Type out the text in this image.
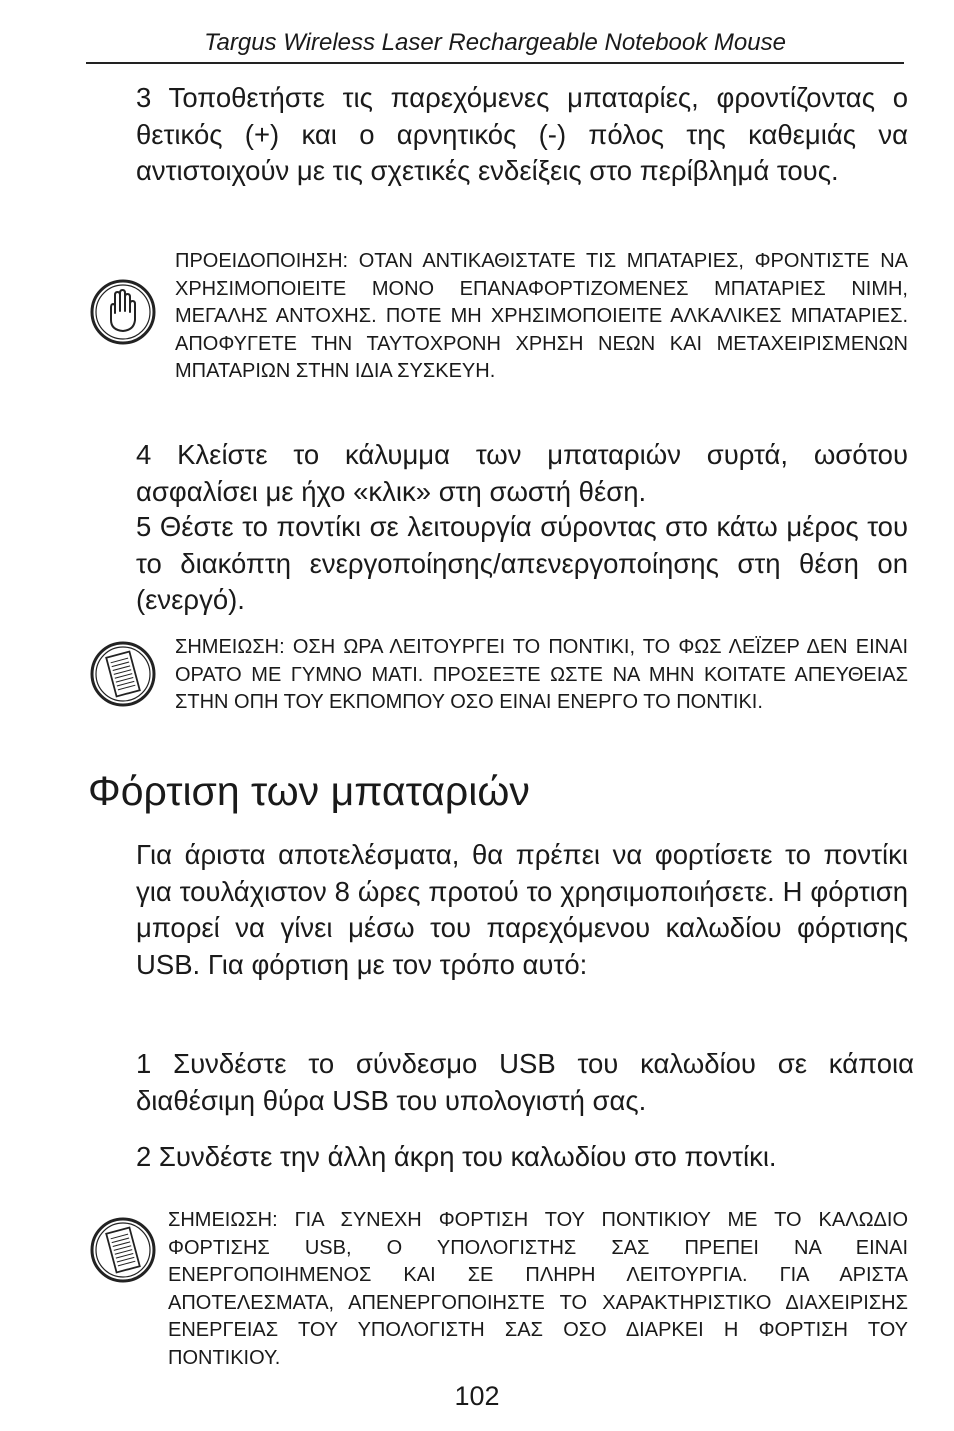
Targus Wireless Laser Rechargeable Notebook Mouse

3 Τοποθετήστε τις παρεχόμενες μπαταρίες, φροντίζοντας ο θετικός (+) και ο αρνητικός (-) πόλος της καθεμιάς να αντιστοιχούν με τις σχετικές ενδείξεις στο περίβλημά τους.

ΠΡΟΕΙΔΟΠΟΙΗΣΗ: ΟΤΑΝ ΑΝΤΙΚΑΘΙΣΤΑΤΕ ΤΙΣ ΜΠΑΤΑΡΙΕΣ, ΦΡΟΝΤΙΣΤΕ ΝΑ ΧΡΗΣΙΜΟΠΟΙΕΙΤΕ ΜΟΝΟ ΕΠΑΝΑΦΟΡΤΙΖΟΜΕΝΕΣ ΜΠΑΤΑΡΙΕΣ ΝΙΜΗ, ΜΕΓΑΛΗΣ ΑΝΤΟΧΗΣ. ΠΟΤΕ ΜΗ ΧΡΗΣΙΜΟΠΟΙΕΙΤΕ ΑΛΚΑΛΙΚΕΣ ΜΠΑΤΑΡΙΕΣ. ΑΠΟΦΥΓΕΤΕ ΤΗΝ ΤΑΥΤΟΧΡΟΝΗ ΧΡΗΣΗ ΝΕΩΝ ΚΑΙ ΜΕΤΑΧΕΙΡΙΣΜΕΝΩΝ ΜΠΑΤΑΡΙΩΝ ΣΤΗΝ ΙΔΙΑ ΣΥΣΚΕΥΗ.

4 Κλείστε το κάλυμμα των μπαταριών συρτά, ωσότου ασφαλίσει με ήχο «κλικ» στη σωστή θέση.

5 Θέστε το ποντίκι σε λειτουργία σύροντας στο κάτω μέρος του το διακόπτη ενεργοποίησης/απενεργοποίησης στη θέση on (ενεργό).

ΣΗΜΕΙΩΣΗ: ΟΣΗ ΩΡΑ ΛΕΙΤΟΥΡΓΕΙ ΤΟ ΠΟΝΤΙΚΙ, ΤΟ ΦΩΣ ΛΕΪΖΕΡ ΔΕΝ ΕΙΝΑΙ ΟΡΑΤΟ ΜΕ ΓΥΜΝΟ ΜΑΤΙ. ΠΡΟΣΕΞΤΕ ΩΣΤΕ ΝΑ ΜΗΝ ΚΟΙΤΑΤΕ ΑΠΕΥΘΕΙΑΣ ΣΤΗΝ ΟΠΗ ΤΟΥ ΕΚΠΟΜΠΟΥ ΟΣΟ ΕΙΝΑΙ ΕΝΕΡΓΟ ΤΟ ΠΟΝΤΙΚΙ.

Φόρτιση των μπαταριών

Για άριστα αποτελέσματα, θα πρέπει να φορτίσετε το ποντίκι για τουλάχιστον 8 ώρες προτού το χρησιμοποιήσετε. Η φόρτιση μπορεί να γίνει μέσω του παρεχόμενου καλωδίου φόρτισης USB. Για φόρτιση με τον τρόπο αυτό:

1 Συνδέστε το σύνδεσμο USB του καλωδίου σε κάποια διαθέσιμη θύρα USB του υπολογιστή σας.

2 Συνδέστε την άλλη άκρη του καλωδίου στο ποντίκι.

ΣΗΜΕΙΩΣΗ: ΓΙΑ ΣΥΝΕΧΗ ΦΟΡΤΙΣΗ ΤΟΥ ΠΟΝΤΙΚΙΟΥ ΜΕ ΤΟ ΚΑΛΩΔΙΟ ΦΟΡΤΙΣΗΣ USB, Ο ΥΠΟΛΟΓΙΣΤΗΣ ΣΑΣ ΠΡΕΠΕΙ ΝΑ ΕΙΝΑΙ ΕΝΕΡΓΟΠΟΙΗΜΕΝΟΣ ΚΑΙ ΣΕ ΠΛΗΡΗ ΛΕΙΤΟΥΡΓΙΑ. ΓΙΑ ΑΡΙΣΤΑ ΑΠΟΤΕΛΕΣΜΑΤΑ, ΑΠΕΝΕΡΓΟΠΟΙΗΣΤΕ ΤΟ ΧΑΡΑΚΤΗΡΙΣΤΙΚΟ ΔΙΑΧΕΙΡΙΣΗΣ ΕΝΕΡΓΕΙΑΣ ΤΟΥ ΥΠΟΛΟΓΙΣΤΗ ΣΑΣ ΟΣΟ ΔΙΑΡΚΕΙ Η ΦΟΡΤΙΣΗ ΤΟΥ ΠΟΝΤΙΚΙΟΥ.

102
